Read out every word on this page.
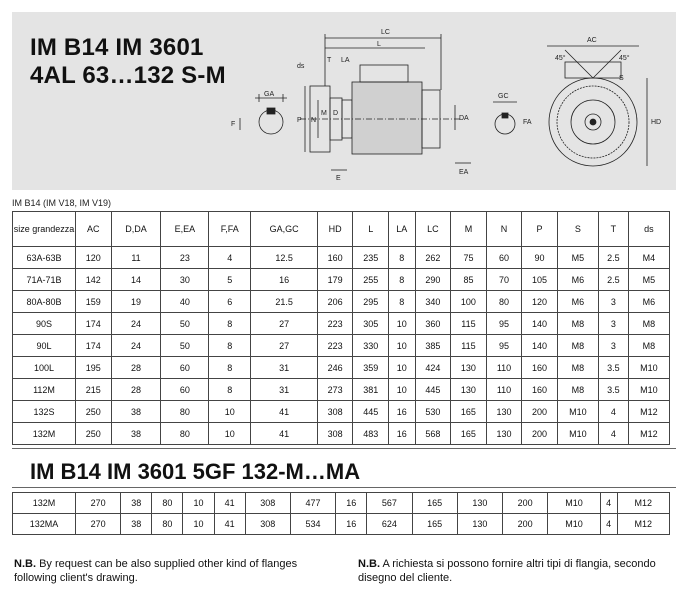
IM B14 IM 3601
4AL 63…132 S-M
GA
F
LC
L
T LA
ds
P N
M D
E
DA
EA
GC
FA
AC
45°	45°
HD
S
IM B14 (IM V18, IM V19)
size grandezza	AC	D,DA	E,EA	F,FA	GA,GC	HD	L	LA	LC	M	N	P	S	T	ds
63A-63B	120	11	23	4	12.5	160	235	8	262	75	60	90	M5	2.5	M4
71A-71B	142	14	30	5	16	179	255	8	290	85	70	105	M6	2.5	M5
80A-80B	159	19	40	6	21.5	206	295	8	340	100	80	120	M6	3	M6
90S	174	24	50	8	27	223	305	10	360	115	95	140	M8	3	M8
90L	174	24	50	8	27	223	330	10	385	115	95	140	M8	3	M8
100L	195	28	60	8	31	246	359	10	424	130	110	160	M8	3.5	M10
112M	215	28	60	8	31	273	381	10	445	130	110	160	M8	3.5	M10
132S	250	38	80	10	41	308	445	16	530	165	130	200	M10	4	M12
132M	250	38	80	10	41	308	483	16	568	165	130	200	M10	4	M12
IM B14 IM 3601 5GF 132-M…MA
132M	270	38	80	10	41	308	477	16	567	165	130	200	M10	4	M12
132MA	270	38	80	10	41	308	534	16	624	165	130	200	M10	4	M12
N.B. By request can be also supplied other kind of flanges following client's drawing.
N.B. A richiesta si possono fornire altri tipi di flangia, secondo disegno del cliente.
